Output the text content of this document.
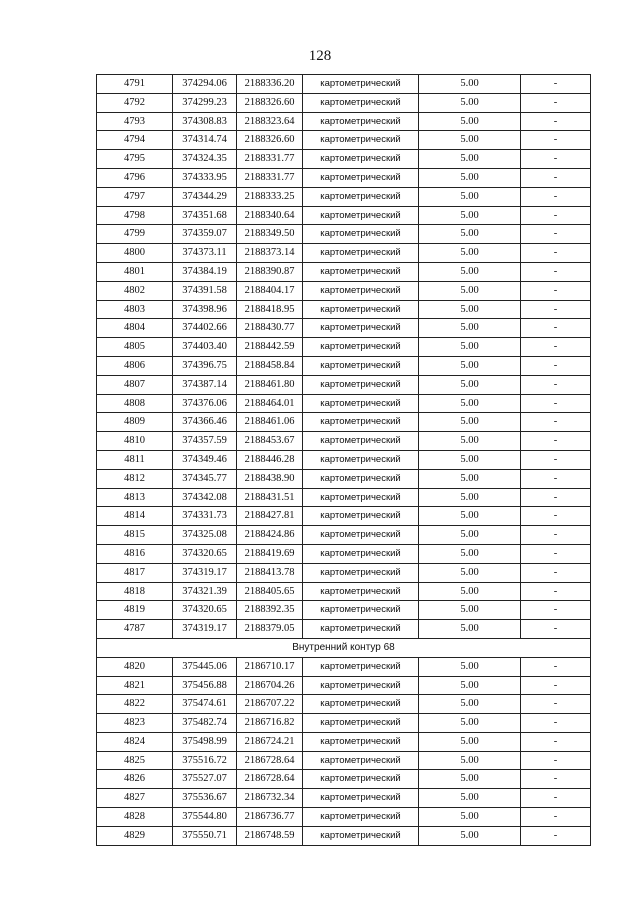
128
4791	374294.06	2188336.20	картометрический	5.00	-
4792	374299.23	2188326.60	картометрический	5.00	-
4793	374308.83	2188323.64	картометрический	5.00	-
4794	374314.74	2188326.60	картометрический	5.00	-
4795	374324.35	2188331.77	картометрический	5.00	-
4796	374333.95	2188331.77	картометрический	5.00	-
4797	374344.29	2188333.25	картометрический	5.00	-
4798	374351.68	2188340.64	картометрический	5.00	-
4799	374359.07	2188349.50	картометрический	5.00	-
4800	374373.11	2188373.14	картометрический	5.00	-
4801	374384.19	2188390.87	картометрический	5.00	-
4802	374391.58	2188404.17	картометрический	5.00	-
4803	374398.96	2188418.95	картометрический	5.00	-
4804	374402.66	2188430.77	картометрический	5.00	-
4805	374403.40	2188442.59	картометрический	5.00	-
4806	374396.75	2188458.84	картометрический	5.00	-
4807	374387.14	2188461.80	картометрический	5.00	-
4808	374376.06	2188464.01	картометрический	5.00	-
4809	374366.46	2188461.06	картометрический	5.00	-
4810	374357.59	2188453.67	картометрический	5.00	-
4811	374349.46	2188446.28	картометрический	5.00	-
4812	374345.77	2188438.90	картометрический	5.00	-
4813	374342.08	2188431.51	картометрический	5.00	-
4814	374331.73	2188427.81	картометрический	5.00	-
4815	374325.08	2188424.86	картометрический	5.00	-
4816	374320.65	2188419.69	картометрический	5.00	-
4817	374319.17	2188413.78	картометрический	5.00	-
4818	374321.39	2188405.65	картометрический	5.00	-
4819	374320.65	2188392.35	картометрический	5.00	-
4787	374319.17	2188379.05	картометрический	5.00	-
Внутренний контур 68					
4820	375445.06	2186710.17	картометрический	5.00	-
4821	375456.88	2186704.26	картометрический	5.00	-
4822	375474.61	2186707.22	картометрический	5.00	-
4823	375482.74	2186716.82	картометрический	5.00	-
4824	375498.99	2186724.21	картометрический	5.00	-
4825	375516.72	2186728.64	картометрический	5.00	-
4826	375527.07	2186728.64	картометрический	5.00	-
4827	375536.67	2186732.34	картометрический	5.00	-
4828	375544.80	2186736.77	картометрический	5.00	-
4829	375550.71	2186748.59	картометрический	5.00	-
